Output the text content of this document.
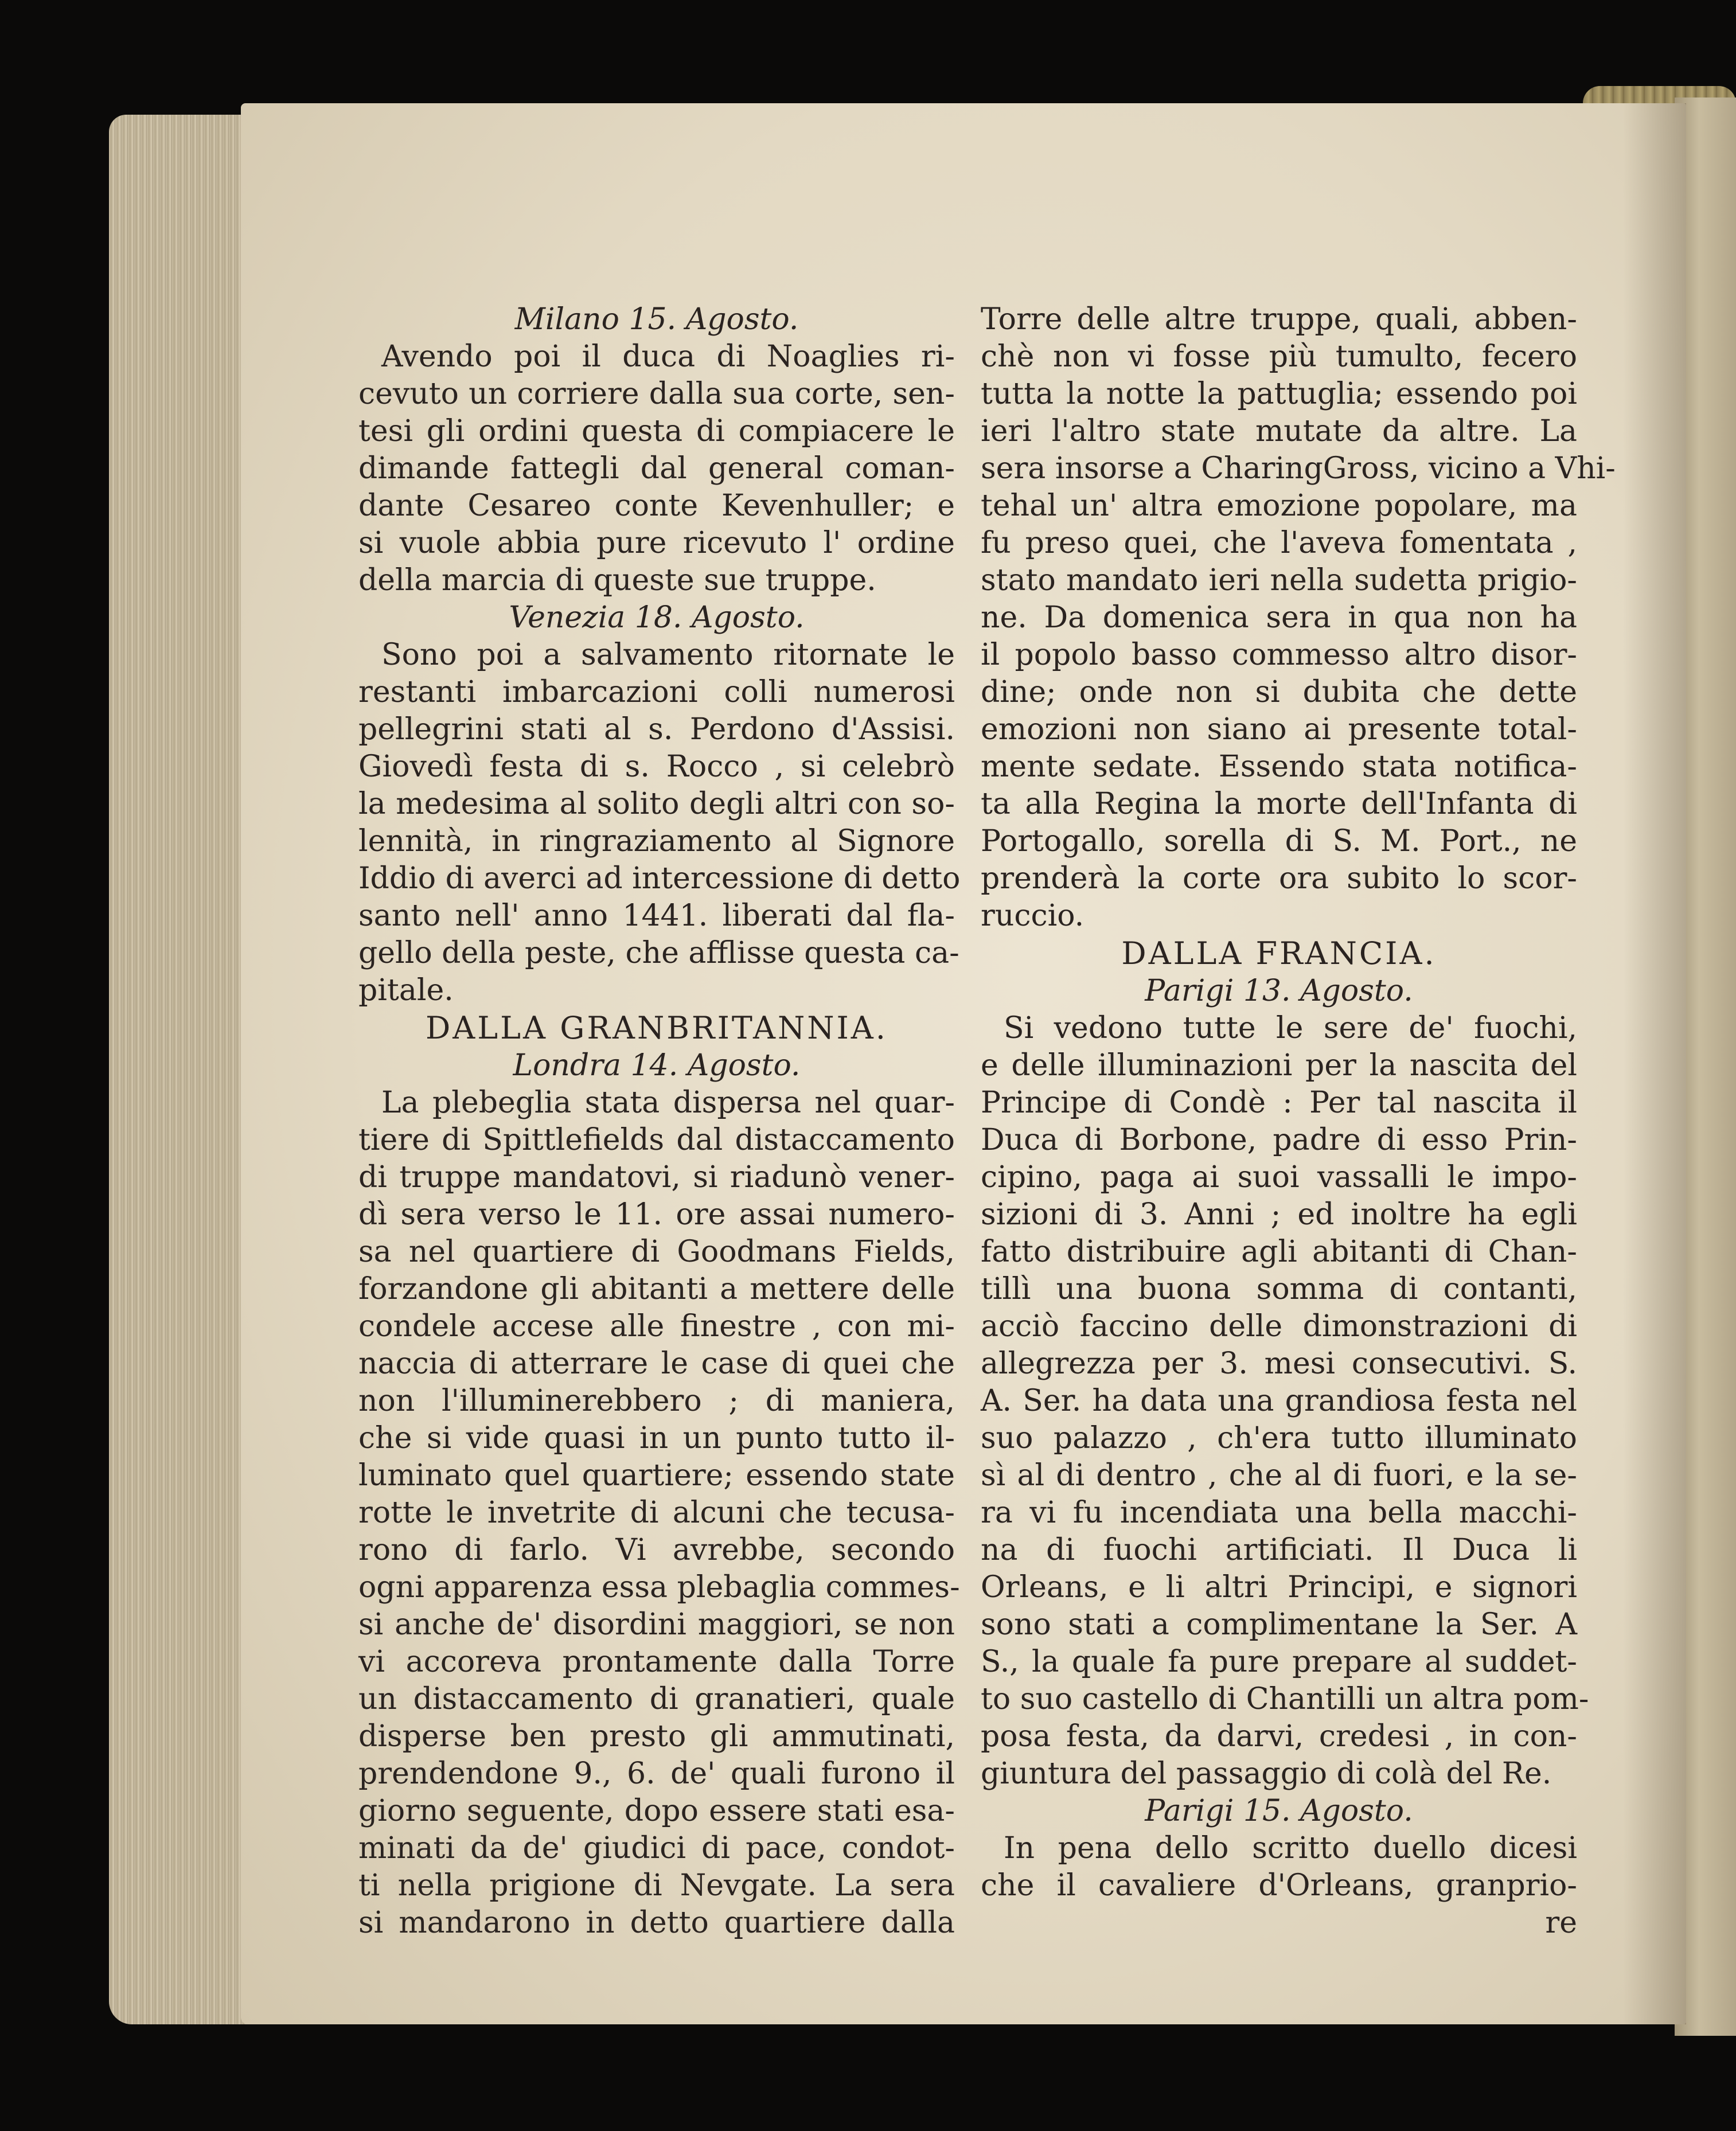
Milano 15. Agosto.
Avendo poi il duca di Noaglies ri-
cevuto un corriere dalla sua corte, sen-
tesi gli ordini questa di compiacere le
dimande fattegli dal general coman-
dante Cesareo conte Kevenhuller; e
si vuole abbia pure ricevuto l' ordine
della marcia di queste sue truppe.
Venezia 18. Agosto.
Sono poi a salvamento ritornate le
restanti imbarcazioni colli numerosi
pellegrini stati al s. Perdono d'Assisi.
Giovedì festa di s. Rocco , si celebrò
la medesima al solito degli altri con so-
lennità, in ringraziamento al Signore
Iddio di averci ad intercessione di detto
santo nell' anno 1441. liberati dal fla-
gello della peste, che afflisse questa ca-
pitale.
DALLA GRANBRITANNIA.
Londra 14. Agosto.
La plebeglia stata dispersa nel quar-
tiere di Spittlefields dal distaccamento
di truppe mandatovi, si riadunò vener-
dì sera verso le 11. ore assai numero-
sa nel quartiere di Goodmans Fields,
forzandone gli abitanti a mettere delle
condele accese alle finestre , con mi-
naccia di atterrare le case di quei che
non l'illuminerebbero ; di maniera,
che si vide quasi in un punto tutto il-
luminato quel quartiere; essendo state
rotte le invetrite di alcuni che tecusa-
rono di farlo. Vi avrebbe, secondo
ogni apparenza essa plebaglia commes-
si anche de' disordini maggiori, se non
vi accoreva prontamente dalla Torre
un distaccamento di granatieri, quale
disperse ben presto gli ammutinati,
prendendone 9., 6. de' quali furono il
giorno seguente, dopo essere stati esa-
minati da de' giudici di pace, condot-
ti nella prigione di Nevgate. La sera
si mandarono in detto quartiere dalla
Torre delle altre truppe, quali, abben-
chè non vi fosse più tumulto, fecero
tutta la notte la pattuglia; essendo poi
ieri l'altro state mutate da altre. La
sera insorse a CharingGross, vicino a Vhi-
tehal un' altra emozione popolare, ma
fu preso quei, che l'aveva fomentata ,
stato mandato ieri nella sudetta prigio-
ne. Da domenica sera in qua non ha
il popolo basso commesso altro disor-
dine; onde non si dubita che dette
emozioni non siano ai presente total-
mente sedate. Essendo stata notifica-
ta alla Regina la morte dell'Infanta di
Portogallo, sorella di S. M. Port., ne
prenderà la corte ora subito lo scor-
ruccio.
DALLA FRANCIA.
Parigi 13. Agosto.
Si vedono tutte le sere de' fuochi,
e delle illuminazioni per la nascita del
Principe di Condè : Per tal nascita il
Duca di Borbone, padre di esso Prin-
cipino, paga ai suoi vassalli le impo-
sizioni di 3. Anni ; ed inoltre ha egli
fatto distribuire agli abitanti di Chan-
tillì una buona somma di contanti,
acciò faccino delle dimonstrazioni di
allegrezza per 3. mesi consecutivi. S.
A. Ser. ha data una grandiosa festa nel
suo palazzo , ch'era tutto illuminato
sì al di dentro , che al di fuori, e la se-
ra vi fu incendiata una bella macchi-
na di fuochi artificiati. Il Duca li
Orleans, e li altri Principi, e signori
sono stati a complimentane la Ser. A
S., la quale fa pure prepare al suddet-
to suo castello di Chantilli un altra pom-
posa festa, da darvi, credesi , in con-
giuntura del passaggio di colà del Re.
Parigi 15. Agosto.
In pena dello scritto duello dicesi
che il cavaliere d'Orleans, granprio-
re
